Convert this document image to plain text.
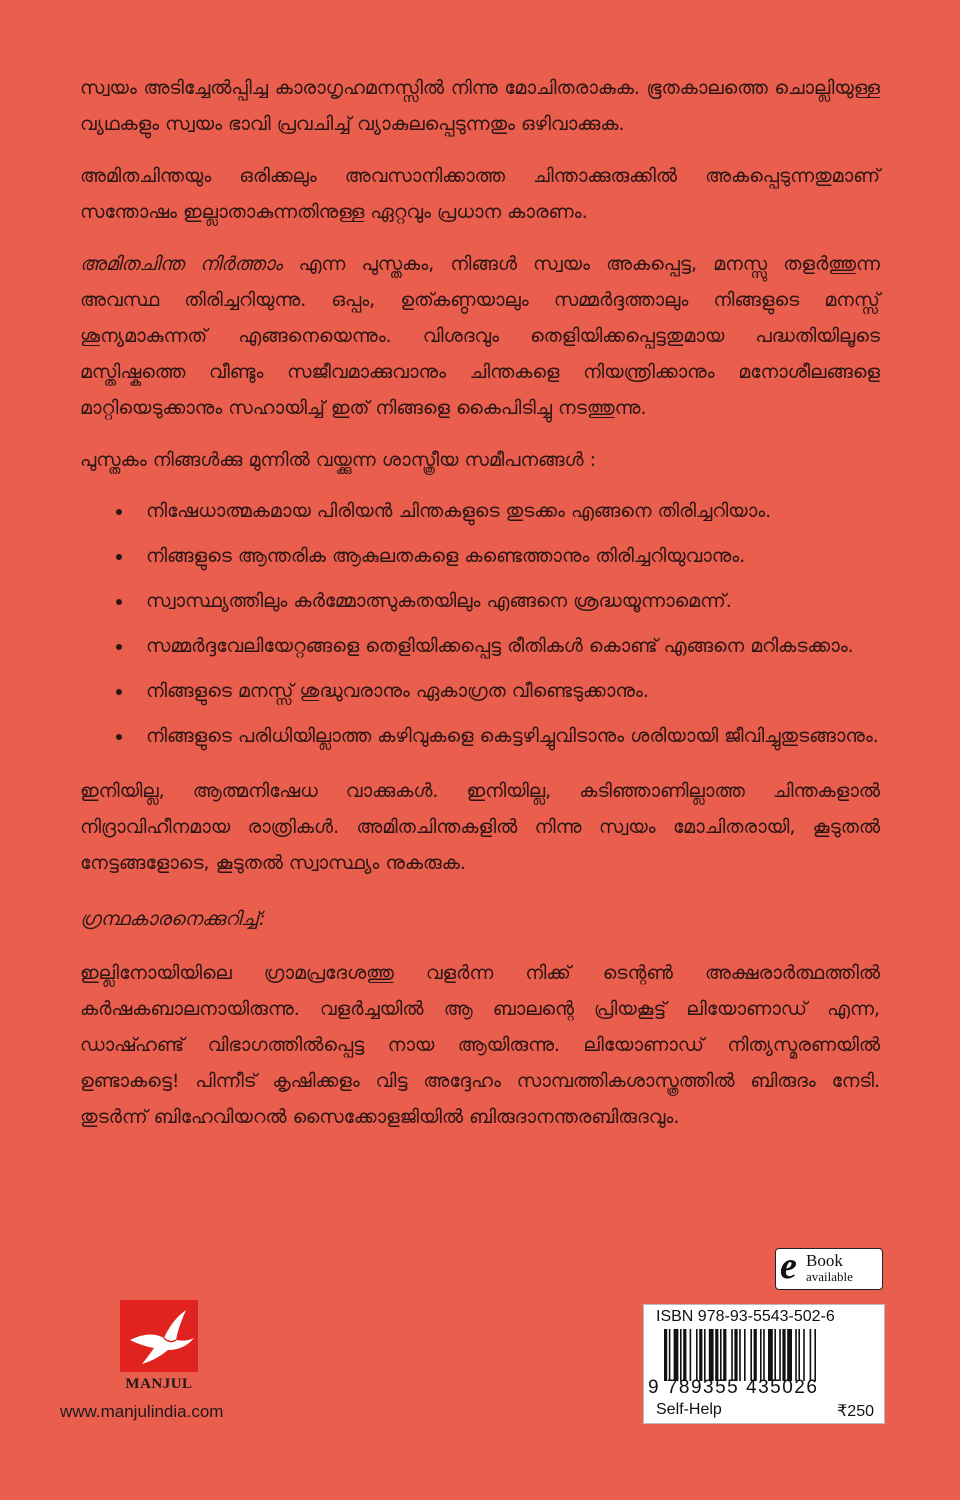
സ്വയം അടിച്ചേൽപ്പിച്ച കാരാഗൃഹമനസ്സിൽ നിന്നു മോചിതരാകുക. ഭൂതകാലത്തെ ചൊല്ലിയുള്ള വ്യഥകളും സ്വയം ഭാവി പ്രവചിച്ച് വ്യാകുലപ്പെടുന്നതും ഒഴിവാക്കുക.

അമിതചിന്തയും ഒരിക്കലും അവസാനിക്കാത്ത ചിന്താക്കുരുക്കിൽ അകപ്പെടുന്നതുമാണ് സന്തോഷം ഇല്ലാതാകുന്നതിനുള്ള ഏറ്റവും പ്രധാന കാരണം.

അമിതചിന്ത നിർത്താം എന്ന പുസ്തകം, നിങ്ങൾ സ്വയം അകപ്പെട്ട, മനസ്സു തളർത്തുന്ന അവസ്ഥ തിരിച്ചറിയുന്നു. ഒപ്പം, ഉത്കണ്ഠയാലും സമ്മർദ്ദത്താലും നിങ്ങളുടെ മനസ്സ് ശൂന്യമാകുന്നത് എങ്ങനെയെന്നും. വിശദവും തെളിയിക്കപ്പെട്ടതുമായ പദ്ധതിയിലൂടെ മസ്തിഷ്കത്തെ വീണ്ടും സജീവമാക്കുവാനും ചിന്തകളെ നിയന്ത്രിക്കാനും മനോശീലങ്ങളെ മാറ്റിയെടുക്കാനും സഹായിച്ച് ഇത് നിങ്ങളെ കൈപിടിച്ചു നടത്തുന്നു.

പുസ്തകം നിങ്ങൾക്കു മുന്നിൽ വയ്ക്കുന്ന ശാസ്ത്രീയ സമീപനങ്ങൾ :

നിഷേധാത്മകമായ പിരിയൻ ചിന്തകളുടെ തുടക്കം എങ്ങനെ തിരിച്ചറിയാം.
നിങ്ങളുടെ ആന്തരിക ആകുലതകളെ കണ്ടെത്താനും തിരിച്ചറിയുവാനും.
സ്വാസ്ഥ്യത്തിലും കർമ്മോത്സുകതയിലും എങ്ങനെ ശ്രദ്ധയൂന്നാമെന്ന്.
സമ്മർദ്ദവേലിയേറ്റങ്ങളെ തെളിയിക്കപ്പെട്ട രീതികൾ കൊണ്ട് എങ്ങനെ മറികടക്കാം.
നിങ്ങളുടെ മനസ്സ് ശുദ്ധുവരാനും ഏകാഗ്രത വീണ്ടെടുക്കാനും.
നിങ്ങളുടെ പരിധിയില്ലാത്ത കഴിവുകളെ കെട്ടഴിച്ചുവിടാനും ശരിയായി ജീവിച്ചുതുടങ്ങാനും.

ഇനിയില്ല, ആത്മനിഷേധ വാക്കുകൾ. ഇനിയില്ല, കടിഞ്ഞാണില്ലാത്ത ചിന്തകളാൽ നിദ്രാവിഹീനമായ രാത്രികൾ. അമിതചിന്തകളിൽ നിന്നു സ്വയം മോചിതരായി, കൂടുതൽ നേട്ടങ്ങളോടെ, കൂടുതൽ സ്വാസ്ഥ്യം നുകരുക.

ഗ്രന്ഥകാരനെക്കുറിച്ച്:

ഇല്ലിനോയിയിലെ ഗ്രാമപ്രദേശത്തു വളർന്ന നിക്ക് ടെന്റൺ അക്ഷരാർത്ഥത്തിൽ കർഷകബാലനായിരുന്നു. വളർച്ചയിൽ ആ ബാലന്റെ പ്രിയകൂട്ട് ലിയോണാഡ് എന്ന, ഡാഷ്ഹണ്ട് വിഭാഗത്തിൽപ്പെട്ട നായ ആയിരുന്നു. ലിയോണാഡ് നിത്യസ്മരണയിൽ ഉണ്ടാകട്ടെ! പിന്നീട് കൃഷിക്കളം വിട്ട അദ്ദേഹം സാമ്പത്തികശാസ്ത്രത്തിൽ ബിരുദം നേടി. തുടർന്ന് ബിഹേവിയറൽ സൈക്കോളജിയിൽ ബിരുദാനന്തരബിരുദവും.

MANJUL
www.manjulindia.com
e Book
available
ISBN 978-93-5543-502-6
9 789355 435026
Self-Help	₹250
